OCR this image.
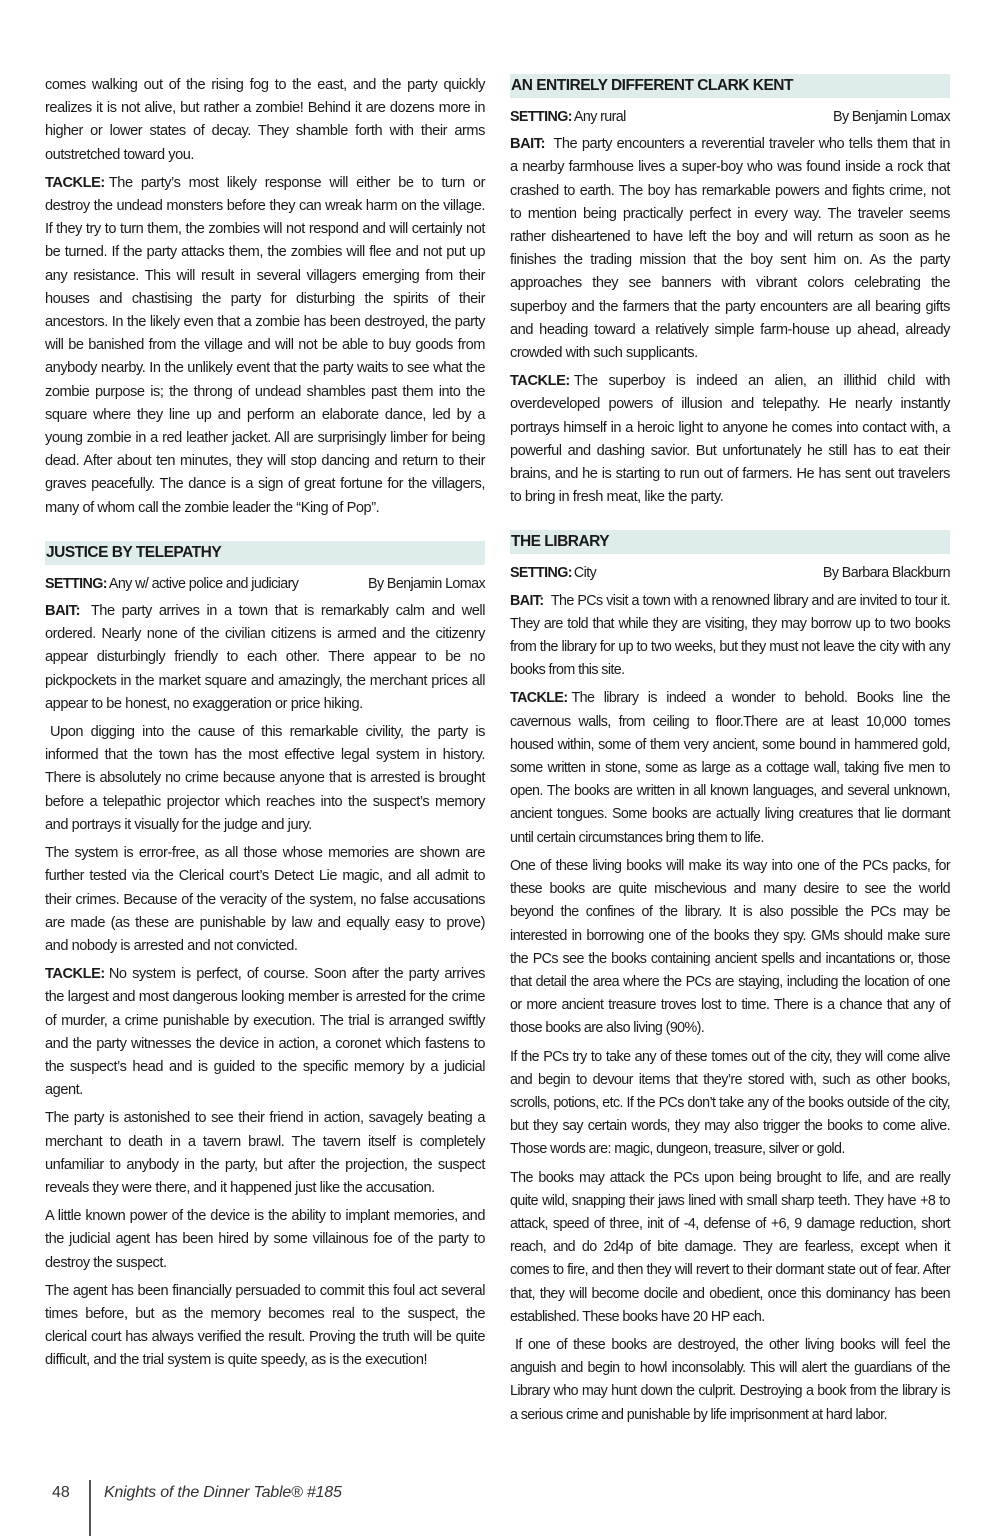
comes walking out of the rising fog to the east, and the party quickly realizes it is not alive, but rather a zombie! Behind it are dozens more in higher or lower states of decay. They shamble forth with their arms outstretched toward you.

TACKLE: The party’s most likely response will either be to turn or destroy the undead monsters before they can wreak harm on the village. If they try to turn them, the zombies will not respond and will certainly not be turned. If the party attacks them, the zombies will flee and not put up any resistance. This will result in several villagers emerging from their houses and chastising the party for disturbing the spirits of their ancestors. In the likely even that a zombie has been destroyed, the party will be banished from the village and will not be able to buy goods from anybody nearby. In the unlikely event that the party waits to see what the zombie purpose is; the throng of undead shambles past them into the square where they line up and perform an elaborate dance, led by a young zombie in a red leather jacket. All are surprisingly limber for being dead. After about ten minutes, they will stop dancing and return to their graves peacefully. The dance is a sign of great fortune for the villagers, many of whom call the zombie leader the “King of Pop”.

JUSTICE BY TELEPATHY
SETTING: Any w/ active police and judiciary	By Benjamin Lomax

BAIT: The party arrives in a town that is remarkably calm and well ordered. Nearly none of the civilian citizens is armed and the citizenry appear disturbingly friendly to each other. There appear to be no pickpockets in the market square and amazingly, the merchant prices all appear to be honest, no exaggeration or price hiking.

Upon digging into the cause of this remarkable civility, the party is informed that the town has the most effective legal system in history. There is absolutely no crime because anyone that is arrested is brought before a telepathic projector which reaches into the suspect’s memory and portrays it visually for the judge and jury.

The system is error-free, as all those whose memories are shown are further tested via the Clerical court’s Detect Lie magic, and all admit to their crimes. Because of the veracity of the system, no false accusations are made (as these are punishable by law and equally easy to prove) and nobody is arrested and not convicted.

TACKLE: No system is perfect, of course. Soon after the party arrives the largest and most dangerous looking member is arrested for the crime of murder, a crime punishable by execution. The trial is arranged swiftly and the party witnesses the device in action, a coronet which fastens to the suspect’s head and is guided to the specific memory by a judicial agent.

The party is astonished to see their friend in action, savagely beating a merchant to death in a tavern brawl. The tavern itself is completely unfamiliar to anybody in the party, but after the projection, the suspect reveals they were there, and it happened just like the accusation.

A little known power of the device is the ability to implant memories, and the judicial agent has been hired by some villainous foe of the party to destroy the suspect.

The agent has been financially persuaded to commit this foul act several times before, but as the memory becomes real to the suspect, the clerical court has always verified the result. Proving the truth will be quite difficult, and the trial system is quite speedy, as is the execution!

AN ENTIRELY DIFFERENT CLARK KENT
SETTING: Any rural	By Benjamin Lomax

BAIT: The party encounters a reverential traveler who tells them that in a nearby farmhouse lives a super-boy who was found inside a rock that crashed to earth. The boy has remarkable powers and fights crime, not to mention being practically perfect in every way. The traveler seems rather disheartened to have left the boy and will return as soon as he finishes the trading mission that the boy sent him on. As the party approaches they see banners with vibrant colors celebrating the superboy and the farmers that the party encounters are all bearing gifts and heading toward a relatively simple farm-house up ahead, already crowded with such supplicants.

TACKLE: The superboy is indeed an alien, an illithid child with overdeveloped powers of illusion and telepathy. He nearly instantly portrays himself in a heroic light to anyone he comes into contact with, a powerful and dashing savior. But unfortunately he still has to eat their brains, and he is starting to run out of farmers. He has sent out travelers to bring in fresh meat, like the party.

THE LIBRARY
SETTING: City	By Barbara Blackburn

BAIT: The PCs visit a town with a renowned library and are invited to tour it. They are told that while they are visiting, they may borrow up to two books from the library for up to two weeks, but they must not leave the city with any books from this site.

TACKLE: The library is indeed a wonder to behold. Books line the cavernous walls, from ceiling to floor.There are at least 10,000 tomes housed within, some of them very ancient, some bound in hammered gold, some written in stone, some as large as a cottage wall, taking five men to open. The books are written in all known languages, and several unknown, ancient tongues. Some books are actually living creatures that lie dormant until certain circumstances bring them to life.

One of these living books will make its way into one of the PCs packs, for these books are quite mischevious and many desire to see the world beyond the confines of the library. It is also possible the PCs may be interested in borrowing one of the books they spy. GMs should make sure the PCs see the books containing ancient spells and incantations or, those that detail the area where the PCs are staying, including the location of one or more ancient treasure troves lost to time. There is a chance that any of those books are also living (90%).

If the PCs try to take any of these tomes out of the city, they will come alive and begin to devour items that they’re stored with, such as other books, scrolls, potions, etc. If the PCs don’t take any of the books outside of the city, but they say certain words, they may also trigger the books to come alive. Those words are: magic, dungeon, treasure, silver or gold.

The books may attack the PCs upon being brought to life, and are really quite wild, snapping their jaws lined with small sharp teeth. They have +8 to attack, speed of three, init of -4, defense of +6, 9 damage reduction, short reach, and do 2d4p of bite damage. They are fearless, except when it comes to fire, and then they will revert to their dormant state out of fear. After that, they will become docile and obedient, once this dominancy has been established. These books have 20 HP each.

If one of these books are destroyed, the other living books will feel the anguish and begin to howl inconsolably. This will alert the guardians of the Library who may hunt down the culprit. Destroying a book from the library is a serious crime and punishable by life imprisonment at hard labor.

48 Knights of the Dinner Table® #185
